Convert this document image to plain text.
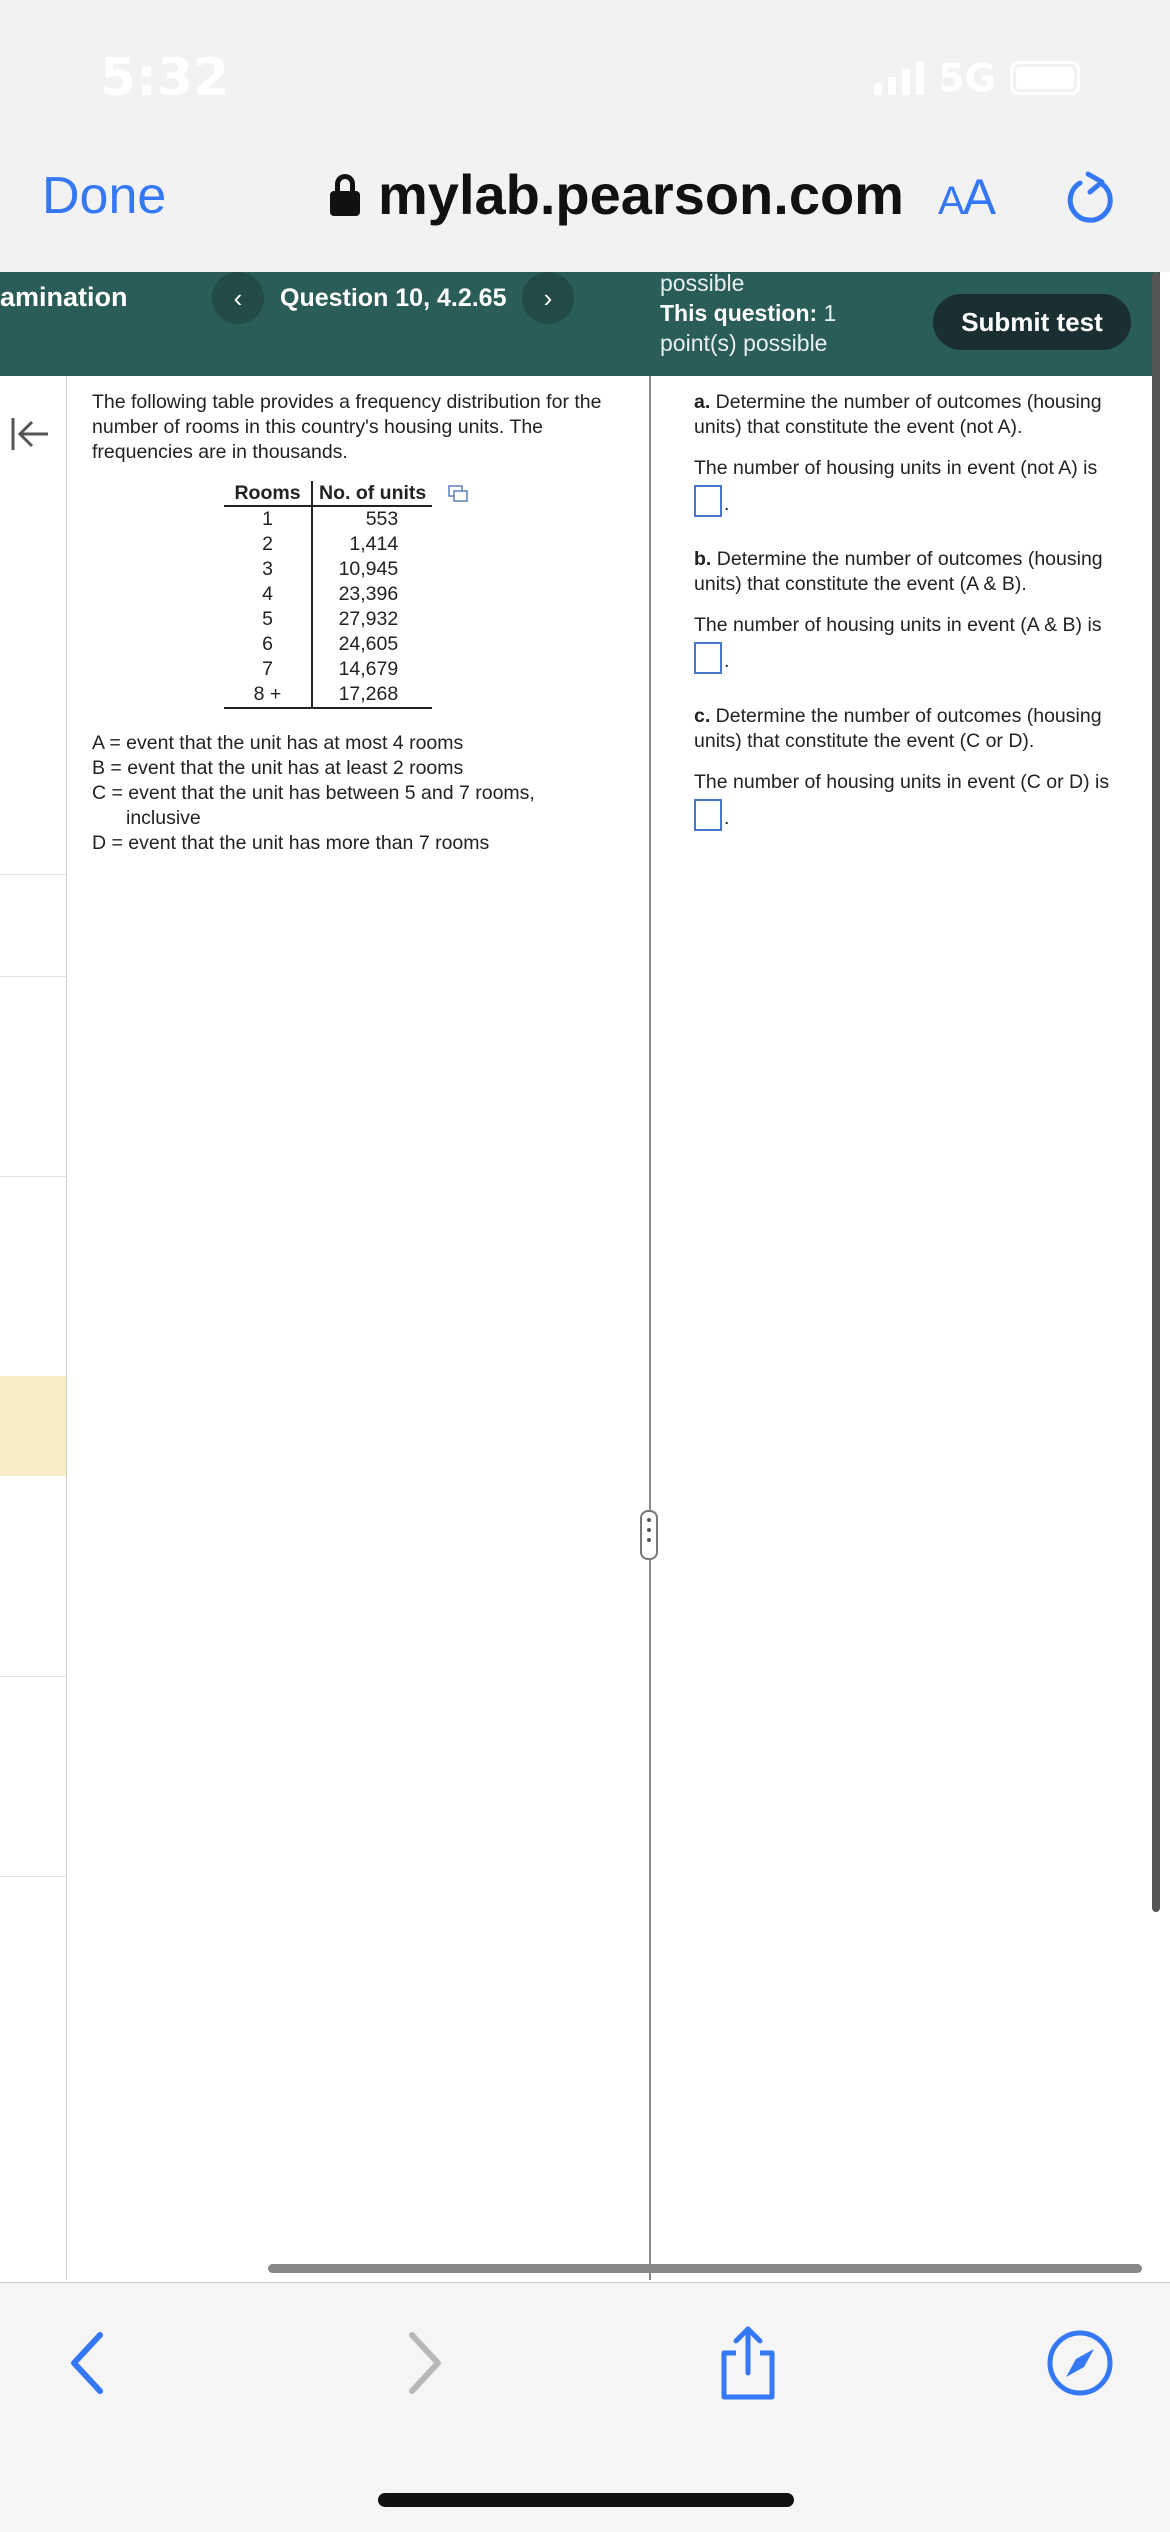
5:32	5G
Done	mylab.pearson.com AA
amination	‹	Question 10, 4.2.65	›	possible
This question: 1
point(s) possible
Submit test

The following table provides a frequency distribution for the number of rooms in this country's housing units. The frequencies are in thousands.

Rooms	No. of units
1	553
2	1,414
3	10,945
4	23,396
5	27,932
6	24,605
7	14,679
8 +	17,268
A = event that the unit has at most 4 rooms
B = event that the unit has at least 2 rooms
C = event that the unit has between 5 and 7 rooms,
inclusive
D = event that the unit has more than 7 rooms

a. Determine the number of outcomes (housing units) that constitute the event (not A).

The number of housing units in event (not A) is

.

b. Determine the number of outcomes (housing units) that constitute the event (A & B).

The number of housing units in event (A & B) is

.

c. Determine the number of outcomes (housing units) that constitute the event (C or D).

The number of housing units in event (C or D) is

.
